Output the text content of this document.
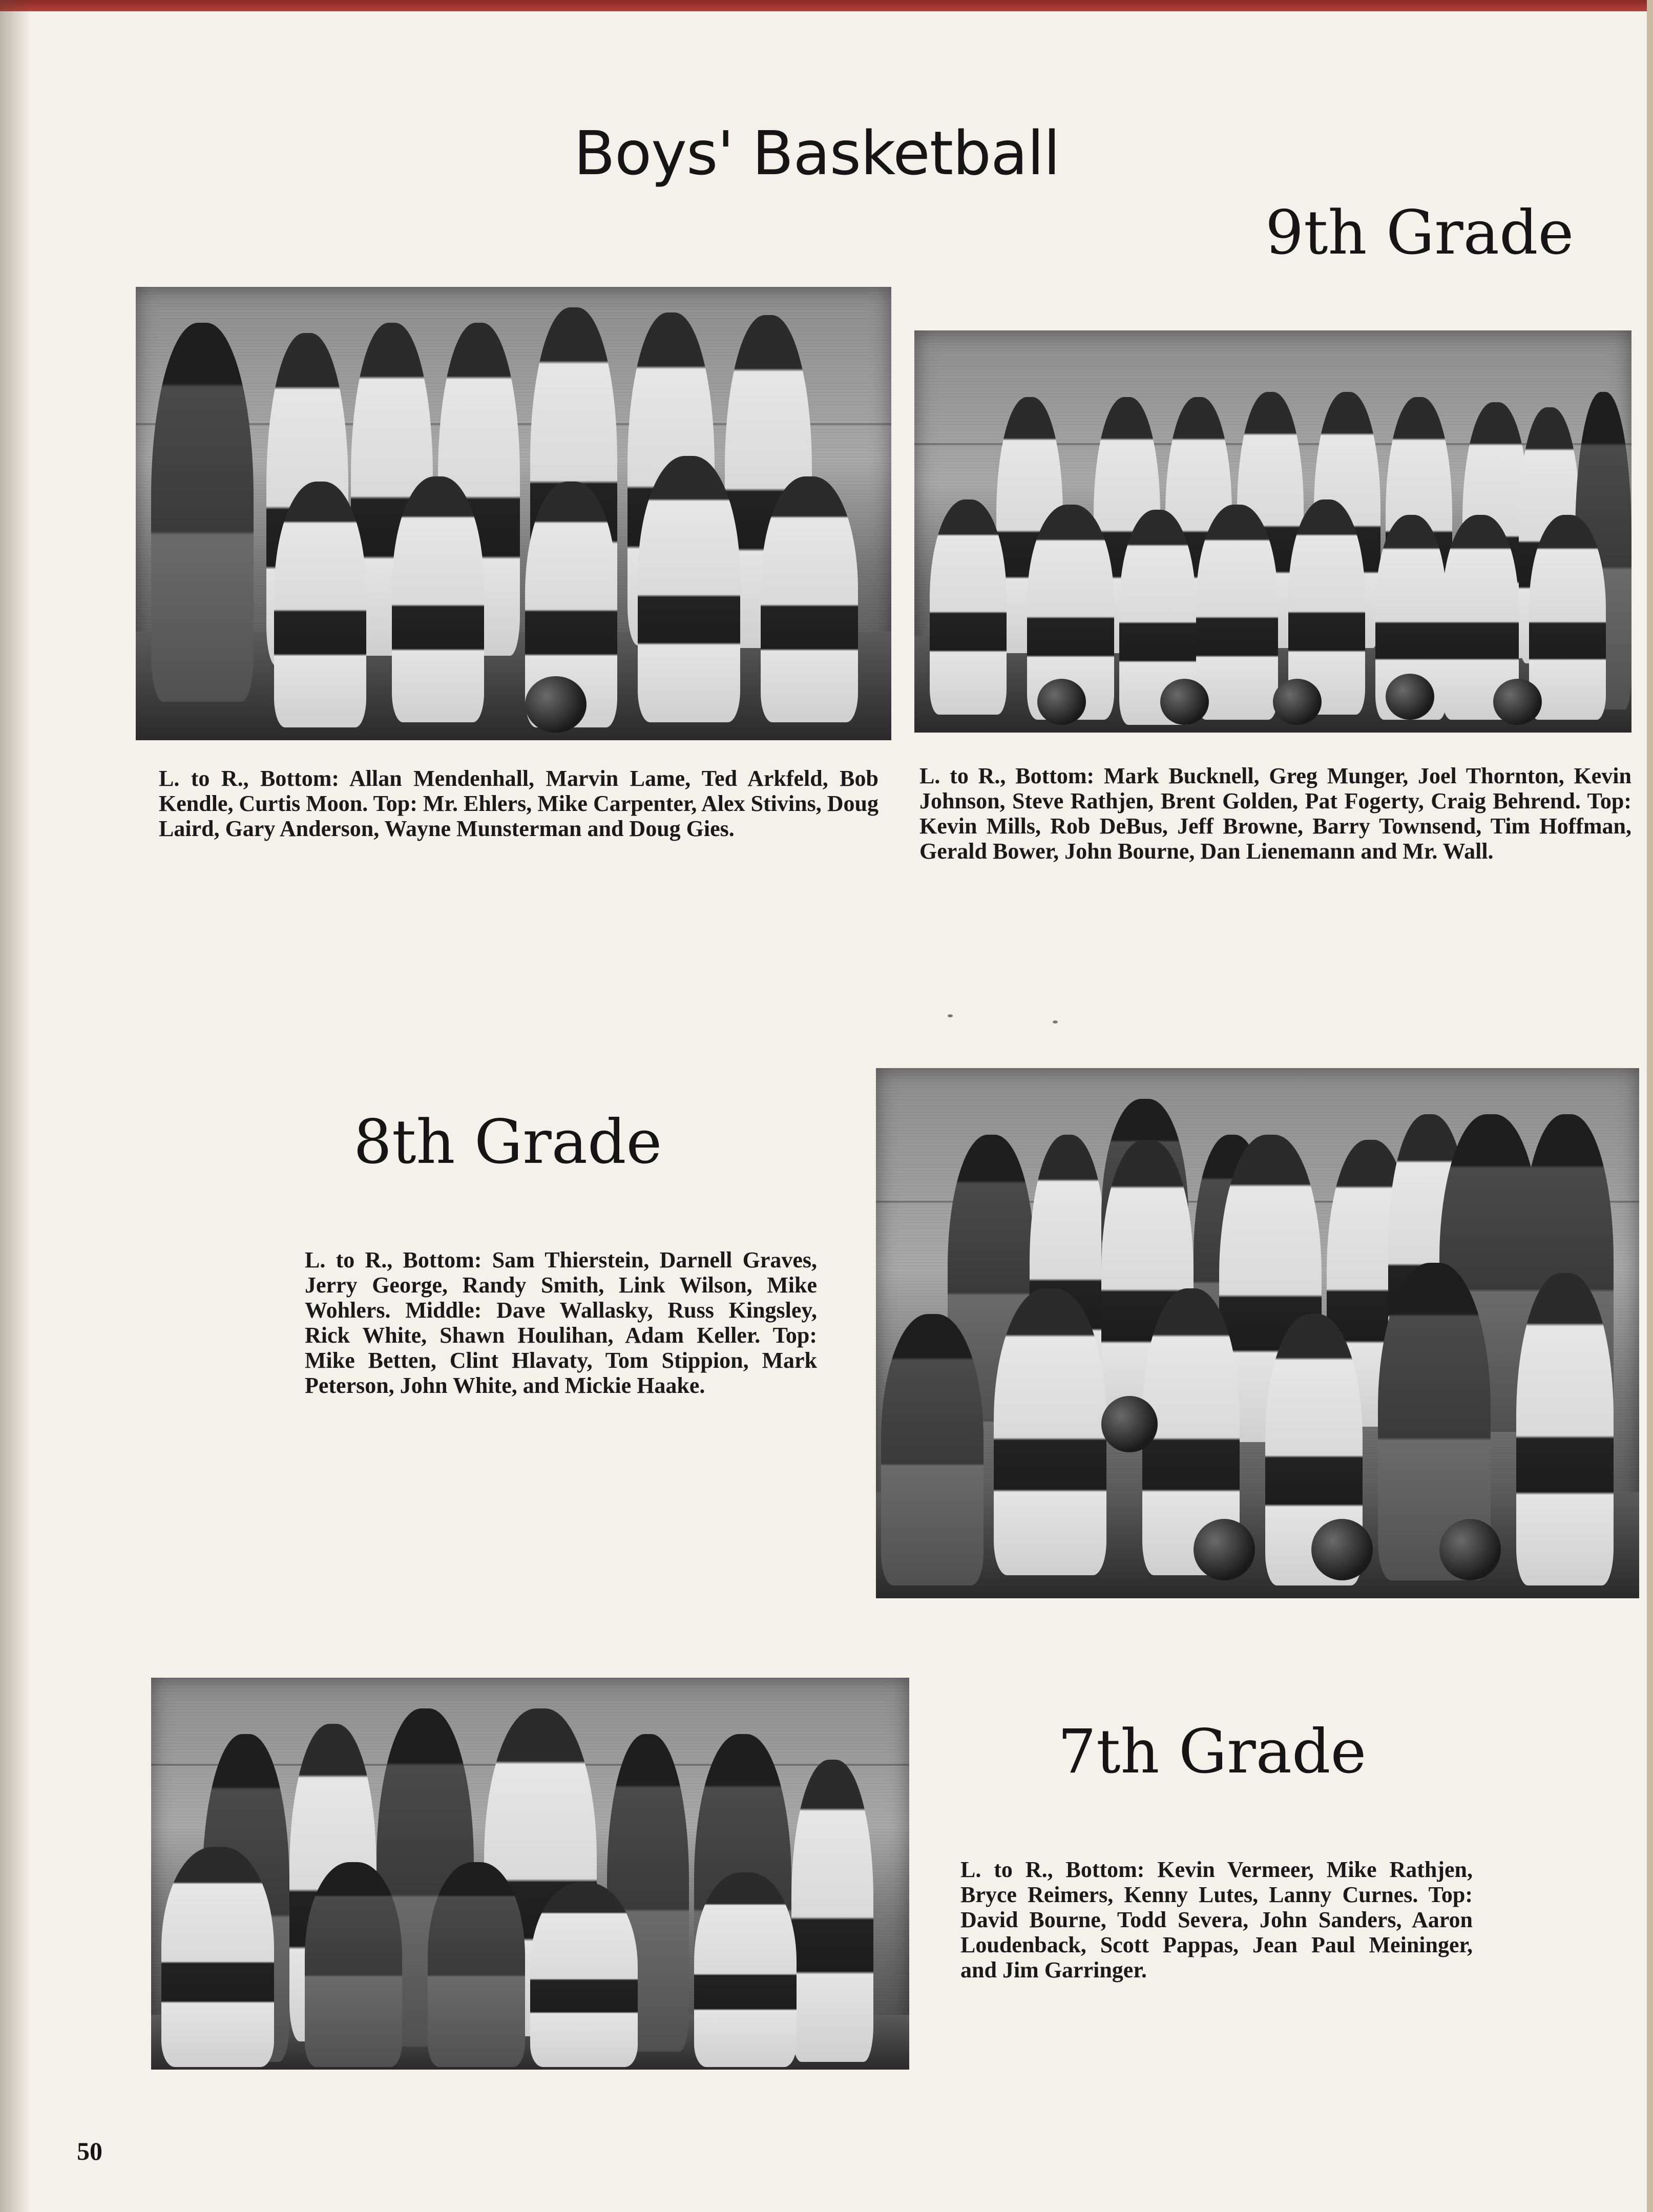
Boys' Basketball
9th Grade
L. to R., Bottom: Allan Mendenhall, Marvin Lame, Ted Arkfeld, Bob Kendle, Curtis Moon. Top: Mr. Ehlers, Mike Carpenter, Alex Stivins, Doug Laird, Gary Anderson, Wayne Munsterman and Doug Gies.
L. to R., Bottom: Mark Bucknell, Greg Munger, Joel Thornton, Kevin Johnson, Steve Rathjen, Brent Golden, Pat Fogerty, Craig Behrend. Top: Kevin Mills, Rob DeBus, Jeff Browne, Barry Townsend, Tim Hoffman, Gerald Bower, John Bourne, Dan Lienemann and Mr. Wall.
8th Grade
L. to R., Bottom: Sam Thierstein, Darnell Graves, Jerry George, Randy Smith, Link Wilson, Mike Wohlers. Middle: Dave Wallasky, Russ Kingsley, Rick White, Shawn Houlihan, Adam Keller. Top: Mike Betten, Clint Hlavaty, Tom Stippion, Mark Peterson, John White, and Mickie Haake.
7th Grade
L. to R., Bottom: Kevin Vermeer, Mike Rathjen, Bryce Reimers, Kenny Lutes, Lanny Curnes. Top: David Bourne, Todd Severa, John Sanders, Aaron Loudenback, Scott Pappas, Jean Paul Meininger, and Jim Garringer.
50
